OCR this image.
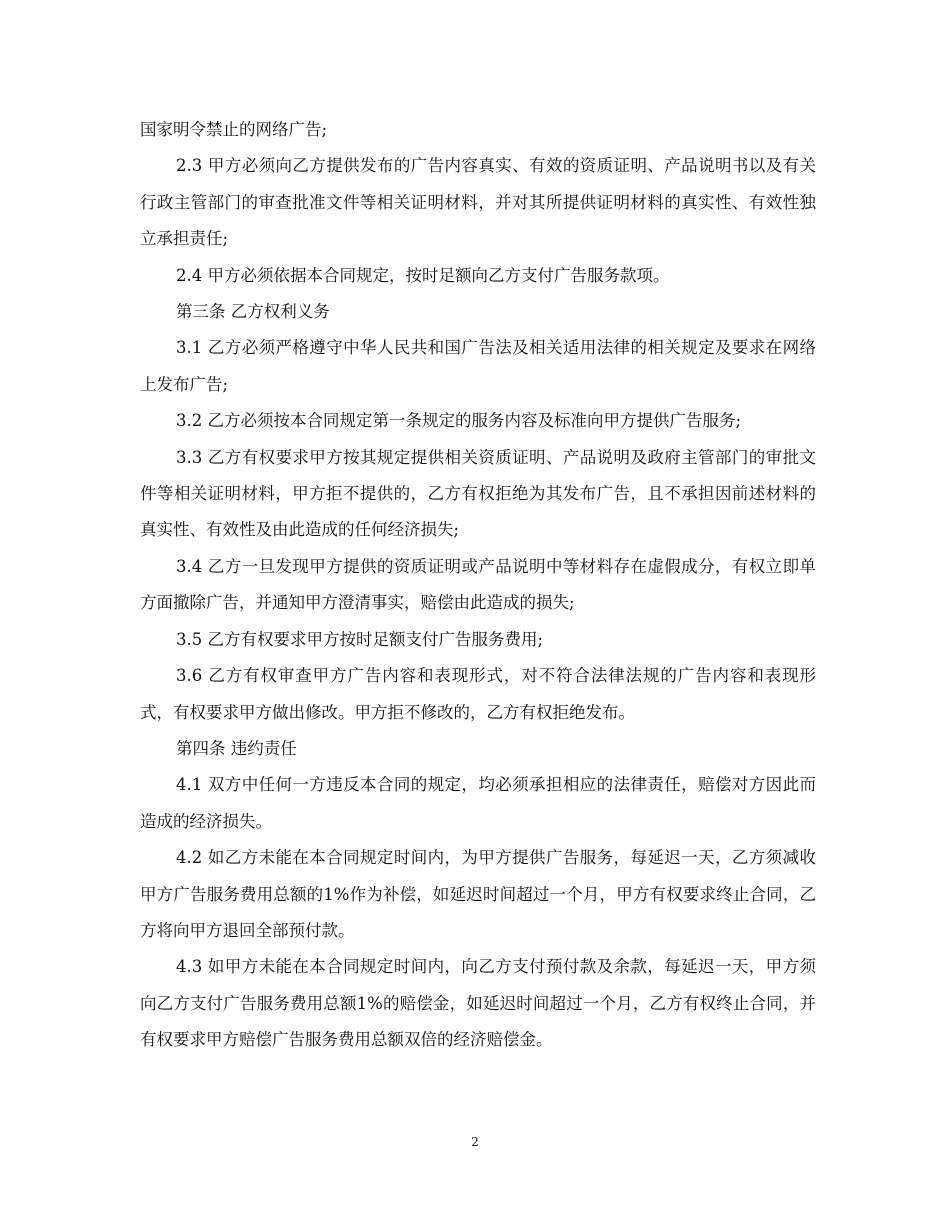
国家明令禁止的网络广告;

2.3 甲方必须向乙方提供发布的广告内容真实、有效的资质证明、产品说明书以及有关行政主管部门的审查批准文件等相关证明材料，并对其所提供证明材料的真实性、有效性独立承担责任;

2.4 甲方必须依据本合同规定，按时足额向乙方支付广告服务款项。

第三条 乙方权利义务

3.1 乙方必须严格遵守中华人民共和国广告法及相关适用法律的相关规定及要求在网络上发布广告;

3.2 乙方必须按本合同规定第一条规定的服务内容及标准向甲方提供广告服务;

3.3 乙方有权要求甲方按其规定提供相关资质证明、产品说明及政府主管部门的审批文件等相关证明材料，甲方拒不提供的，乙方有权拒绝为其发布广告，且不承担因前述材料的真实性、有效性及由此造成的任何经济损失;

3.4 乙方一旦发现甲方提供的资质证明或产品说明中等材料存在虚假成分，有权立即单方面撤除广告，并通知甲方澄清事实，赔偿由此造成的损失;

3.5 乙方有权要求甲方按时足额支付广告服务费用;

3.6 乙方有权审查甲方广告内容和表现形式，对不符合法律法规的广告内容和表现形式，有权要求甲方做出修改。甲方拒不修改的，乙方有权拒绝发布。

第四条 违约责任

4.1 双方中任何一方违反本合同的规定，均必须承担相应的法律责任，赔偿对方因此而造成的经济损失。

4.2 如乙方未能在本合同规定时间内，为甲方提供广告服务，每延迟一天，乙方须减收甲方广告服务费用总额的1%作为补偿，如延迟时间超过一个月，甲方有权要求终止合同，乙方将向甲方退回全部预付款。

4.3 如甲方未能在本合同规定时间内，向乙方支付预付款及余款，每延迟一天，甲方须向乙方支付广告服务费用总额1%的赔偿金，如延迟时间超过一个月，乙方有权终止合同，并有权要求甲方赔偿广告服务费用总额双倍的经济赔偿金。

2
